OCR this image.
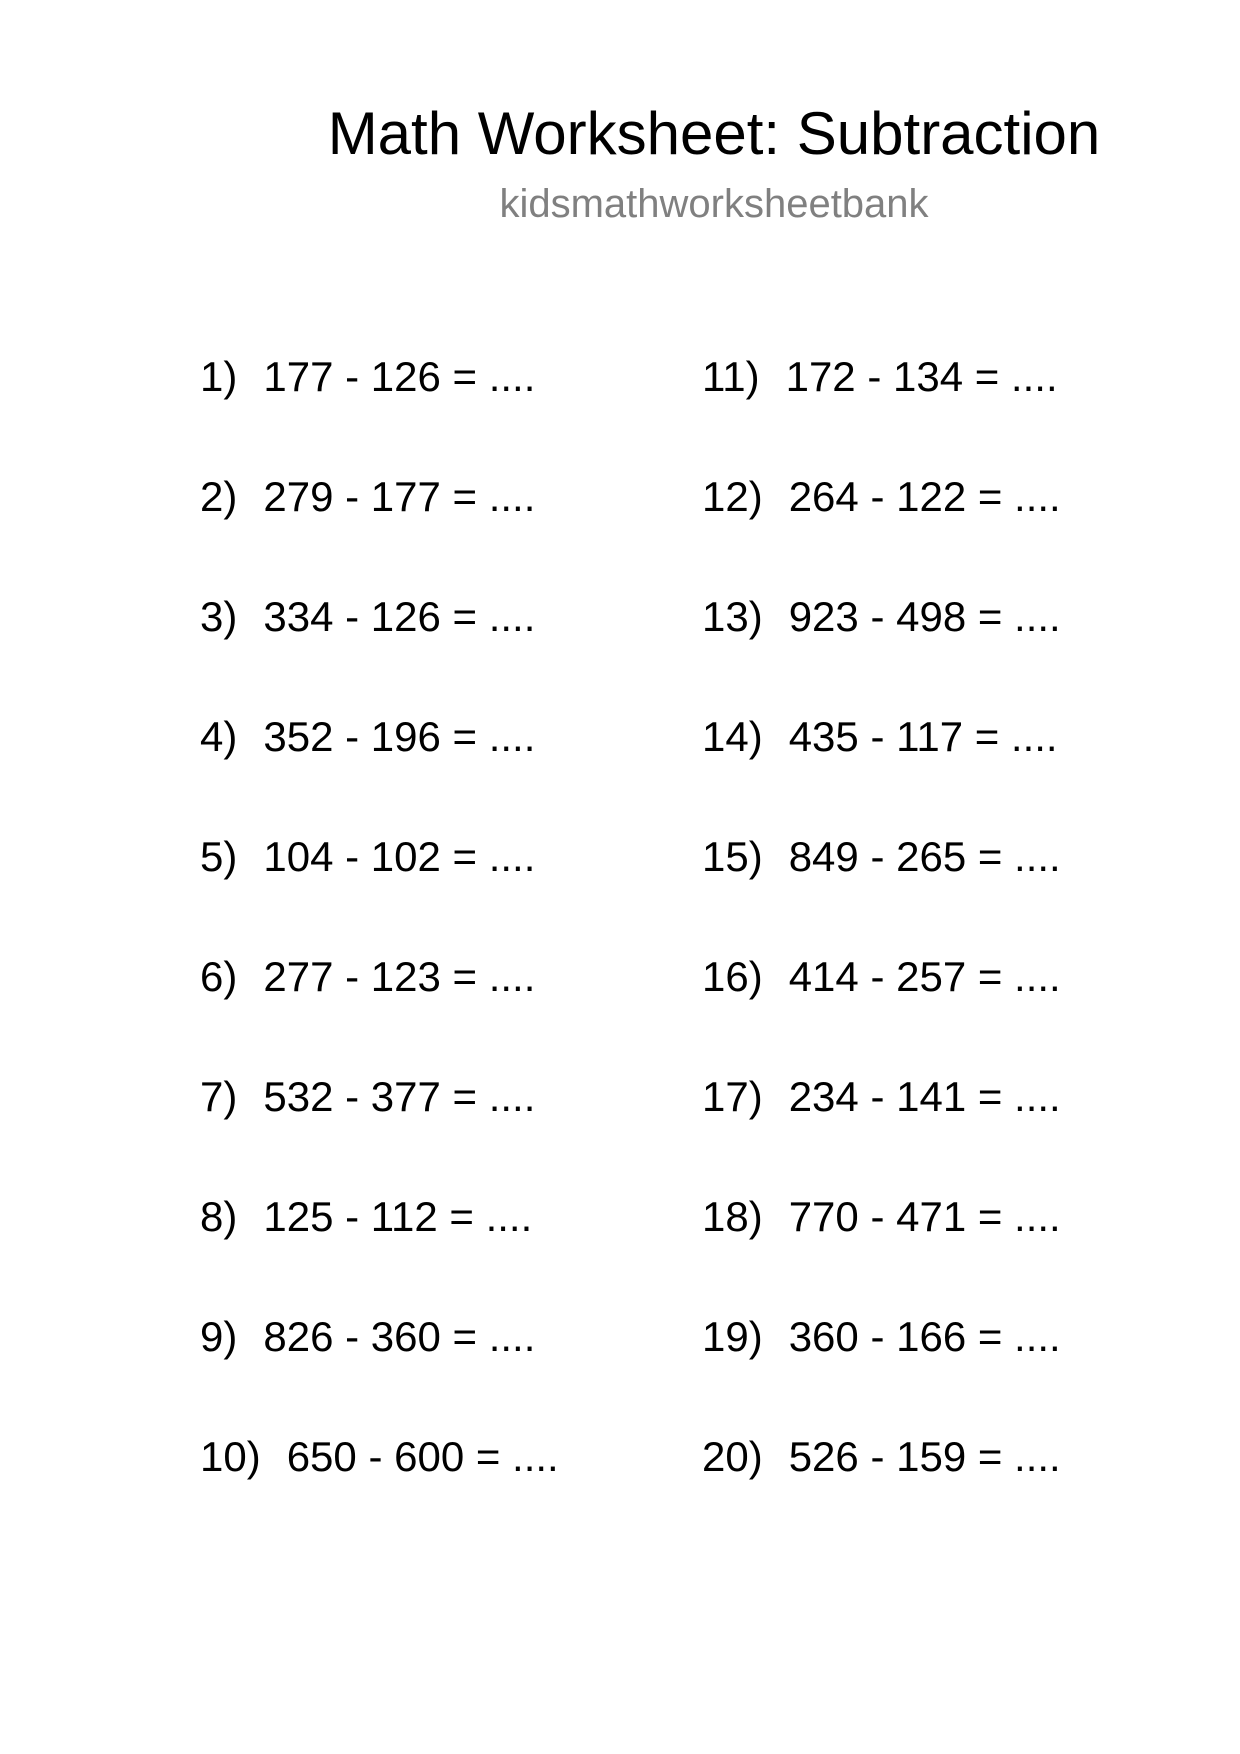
Math Worksheet: Subtraction
kidsmathworksheetbank
1) 177 - 126 = ....
2) 279 - 177 = ....
3) 334 - 126 = ....
4) 352 - 196 = ....
5) 104 - 102 = ....
6) 277 - 123 = ....
7) 532 - 377 = ....
8) 125 - 112 = ....
9) 826 - 360 = ....
10) 650 - 600 = ....
11) 172 - 134 = ....
12) 264 - 122 = ....
13) 923 - 498 = ....
14) 435 - 117 = ....
15) 849 - 265 = ....
16) 414 - 257 = ....
17) 234 - 141 = ....
18) 770 - 471 = ....
19) 360 - 166 = ....
20) 526 - 159 = ....
